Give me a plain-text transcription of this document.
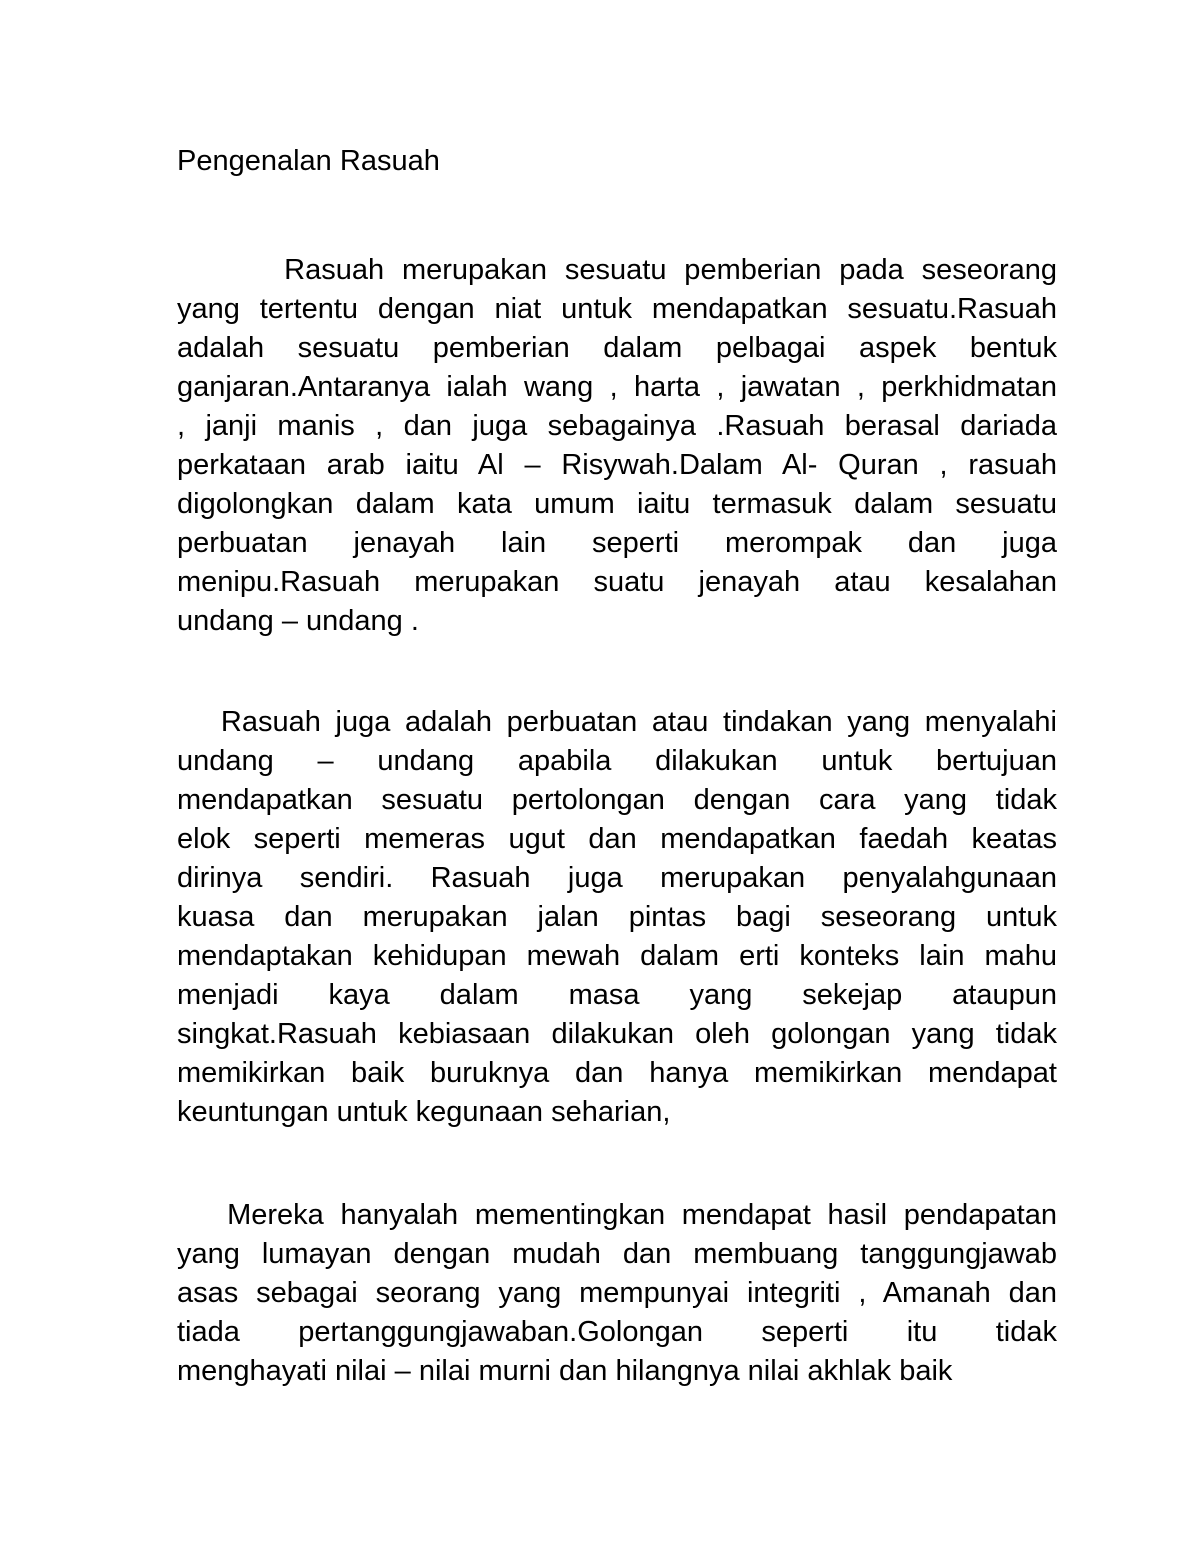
Pengenalan Rasuah
Rasuah merupakan sesuatu pemberian pada seseorang
yang tertentu dengan niat untuk mendapatkan sesuatu.Rasuah
adalah sesuatu pemberian dalam pelbagai aspek bentuk
ganjaran.Antaranya ialah wang , harta , jawatan , perkhidmatan
, janji manis , dan juga sebagainya .Rasuah berasal dariada
perkataan arab iaitu Al – Risywah.Dalam Al- Quran , rasuah
digolongkan dalam kata umum iaitu termasuk dalam sesuatu
perbuatan jenayah lain seperti merompak dan juga
menipu.Rasuah merupakan suatu jenayah atau kesalahan
undang – undang .
Rasuah juga adalah perbuatan atau tindakan yang menyalahi
undang – undang apabila dilakukan untuk bertujuan
mendapatkan sesuatu pertolongan dengan cara yang tidak
elok seperti memeras ugut dan mendapatkan faedah keatas
dirinya sendiri. Rasuah juga merupakan penyalahgunaan
kuasa dan merupakan jalan pintas bagi seseorang untuk
mendaptakan kehidupan mewah dalam erti konteks lain mahu
menjadi kaya dalam masa yang sekejap ataupun
singkat.Rasuah kebiasaan dilakukan oleh golongan yang tidak
memikirkan baik buruknya dan hanya memikirkan mendapat
keuntungan untuk kegunaan seharian,
Mereka hanyalah mementingkan mendapat hasil pendapatan
yang lumayan dengan mudah dan membuang tanggungjawab
asas sebagai seorang yang mempunyai integriti , Amanah dan
tiada pertanggungjawaban.Golongan seperti itu tidak
menghayati nilai – nilai murni dan hilangnya nilai akhlak baik
